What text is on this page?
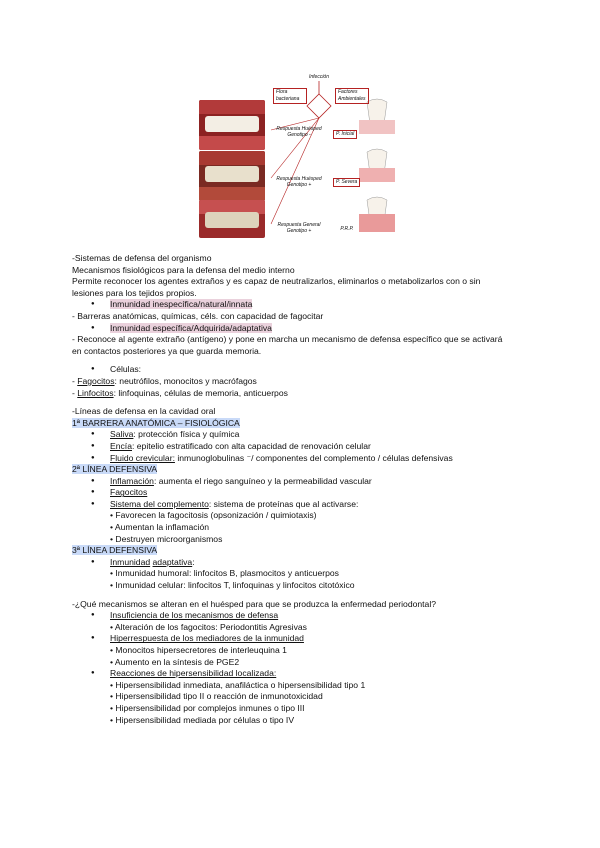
Infección
Flora bacteriana
Factores Ambientales
Respuesta Huésped Genotipo -	P. Inicial
Respuesta Huésped Genotipo +	P. Severa
Respuesta General Genotipo +	P.R.P.
-Sistemas de defensa del organismo
Mecanismos fisiológicos para la defensa del medio interno
Permite reconocer los agentes extraños y es capaz de neutralizarlos, eliminarlos o metabolizarlos con o sin
lesiones para los tejidos propios.
● Inmunidad inespecífica/natural/innata
- Barreras anatómicas, químicas, céls. con capacidad de fagocitar
● Inmunidad específica/Adquirida/adaptativa
- Reconoce al agente extraño (antígeno) y pone en marcha un mecanismo de defensa específico que se activará
en contactos posteriores ya que guarda memoria.
● Células:
- Fagocitos: neutrófilos, monocitos y macrófagos
- Linfocitos: linfoquinas, células de memoria, anticuerpos
-Líneas de defensa en la cavidad oral
1ª BARRERA ANATÓMICA – FISIOLÓGICA
● Saliva: protección física y química
● Encía: epitelio estratificado con alta capacidad de renovación celular
● Fluido crevicular: inmunoglobulinas ⁻/ componentes del complemento / células defensivas
2ª LÍNEA DEFENSIVA
● Inflamación: aumenta el riego sanguíneo y la permeabilidad vascular
● Fagocitos
● Sistema del complemento: sistema de proteínas que al activarse:
• Favorecen la fagocitosis (opsonización / quimiotaxis)
• Aumentan la inflamación
• Destruyen microorganismos
3ª LÍNEA DEFENSIVA
● Inmunidad adaptativa:
• Inmunidad humoral: linfocitos B, plasmocitos y anticuerpos
• Inmunidad celular: linfocitos T, linfoquinas y linfocitos citotóxico
-¿Qué mecanismos se alteran en el huésped para que se produzca la enfermedad periodontal?
● Insuficiencia de los mecanismos de defensa
• Alteración de los fagocitos: Periodontitis Agresivas
● Hiperrespuesta de los mediadores de la inmunidad
• Monocitos hipersecretores de interleuquina 1
• Aumento en la síntesis de PGE2
● Reacciones de hipersensibilidad localizada:
• Hipersensibilidad inmediata, anafiláctica o hipersensibilidad tipo 1
• Hipersensibilidad tipo II o reacción de inmunotoxicidad
• Hipersensibilidad por complejos inmunes o tipo III
• Hipersensibilidad mediada por células o tipo IV
